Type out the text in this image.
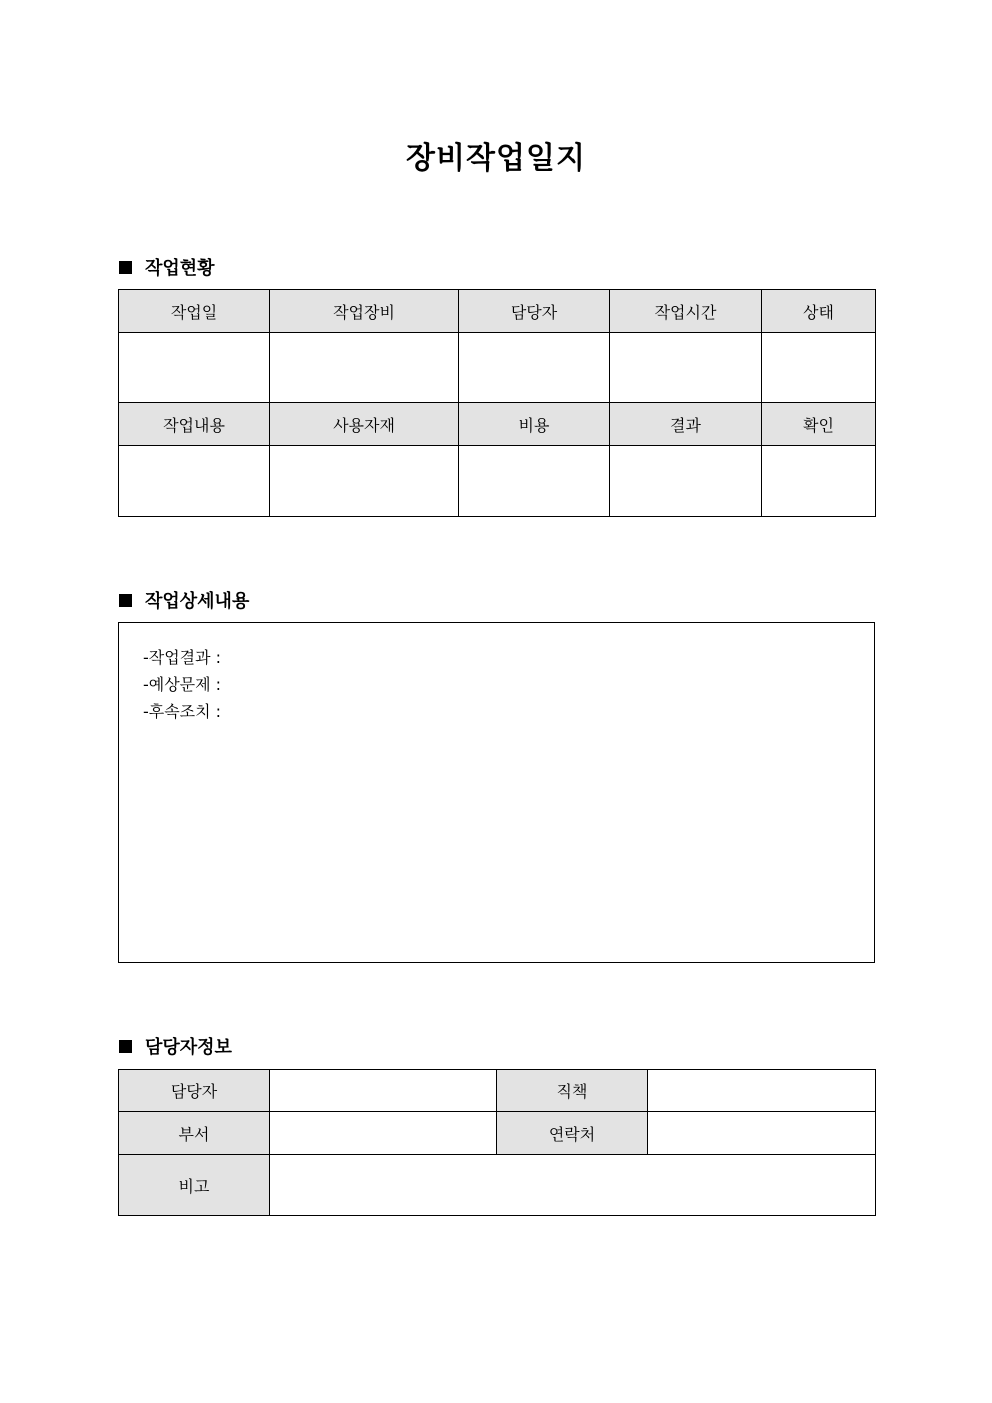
장비작업일지
작업현황
작업일	작업장비	담당자	작업시간	상태

작업내용	사용자재	비용	결과	확인

작업상세내용
-작업결과 :
-예상문제 :
-후속조치 :
담당자정보
담당자		직책	
부서		연락처	
비고			
